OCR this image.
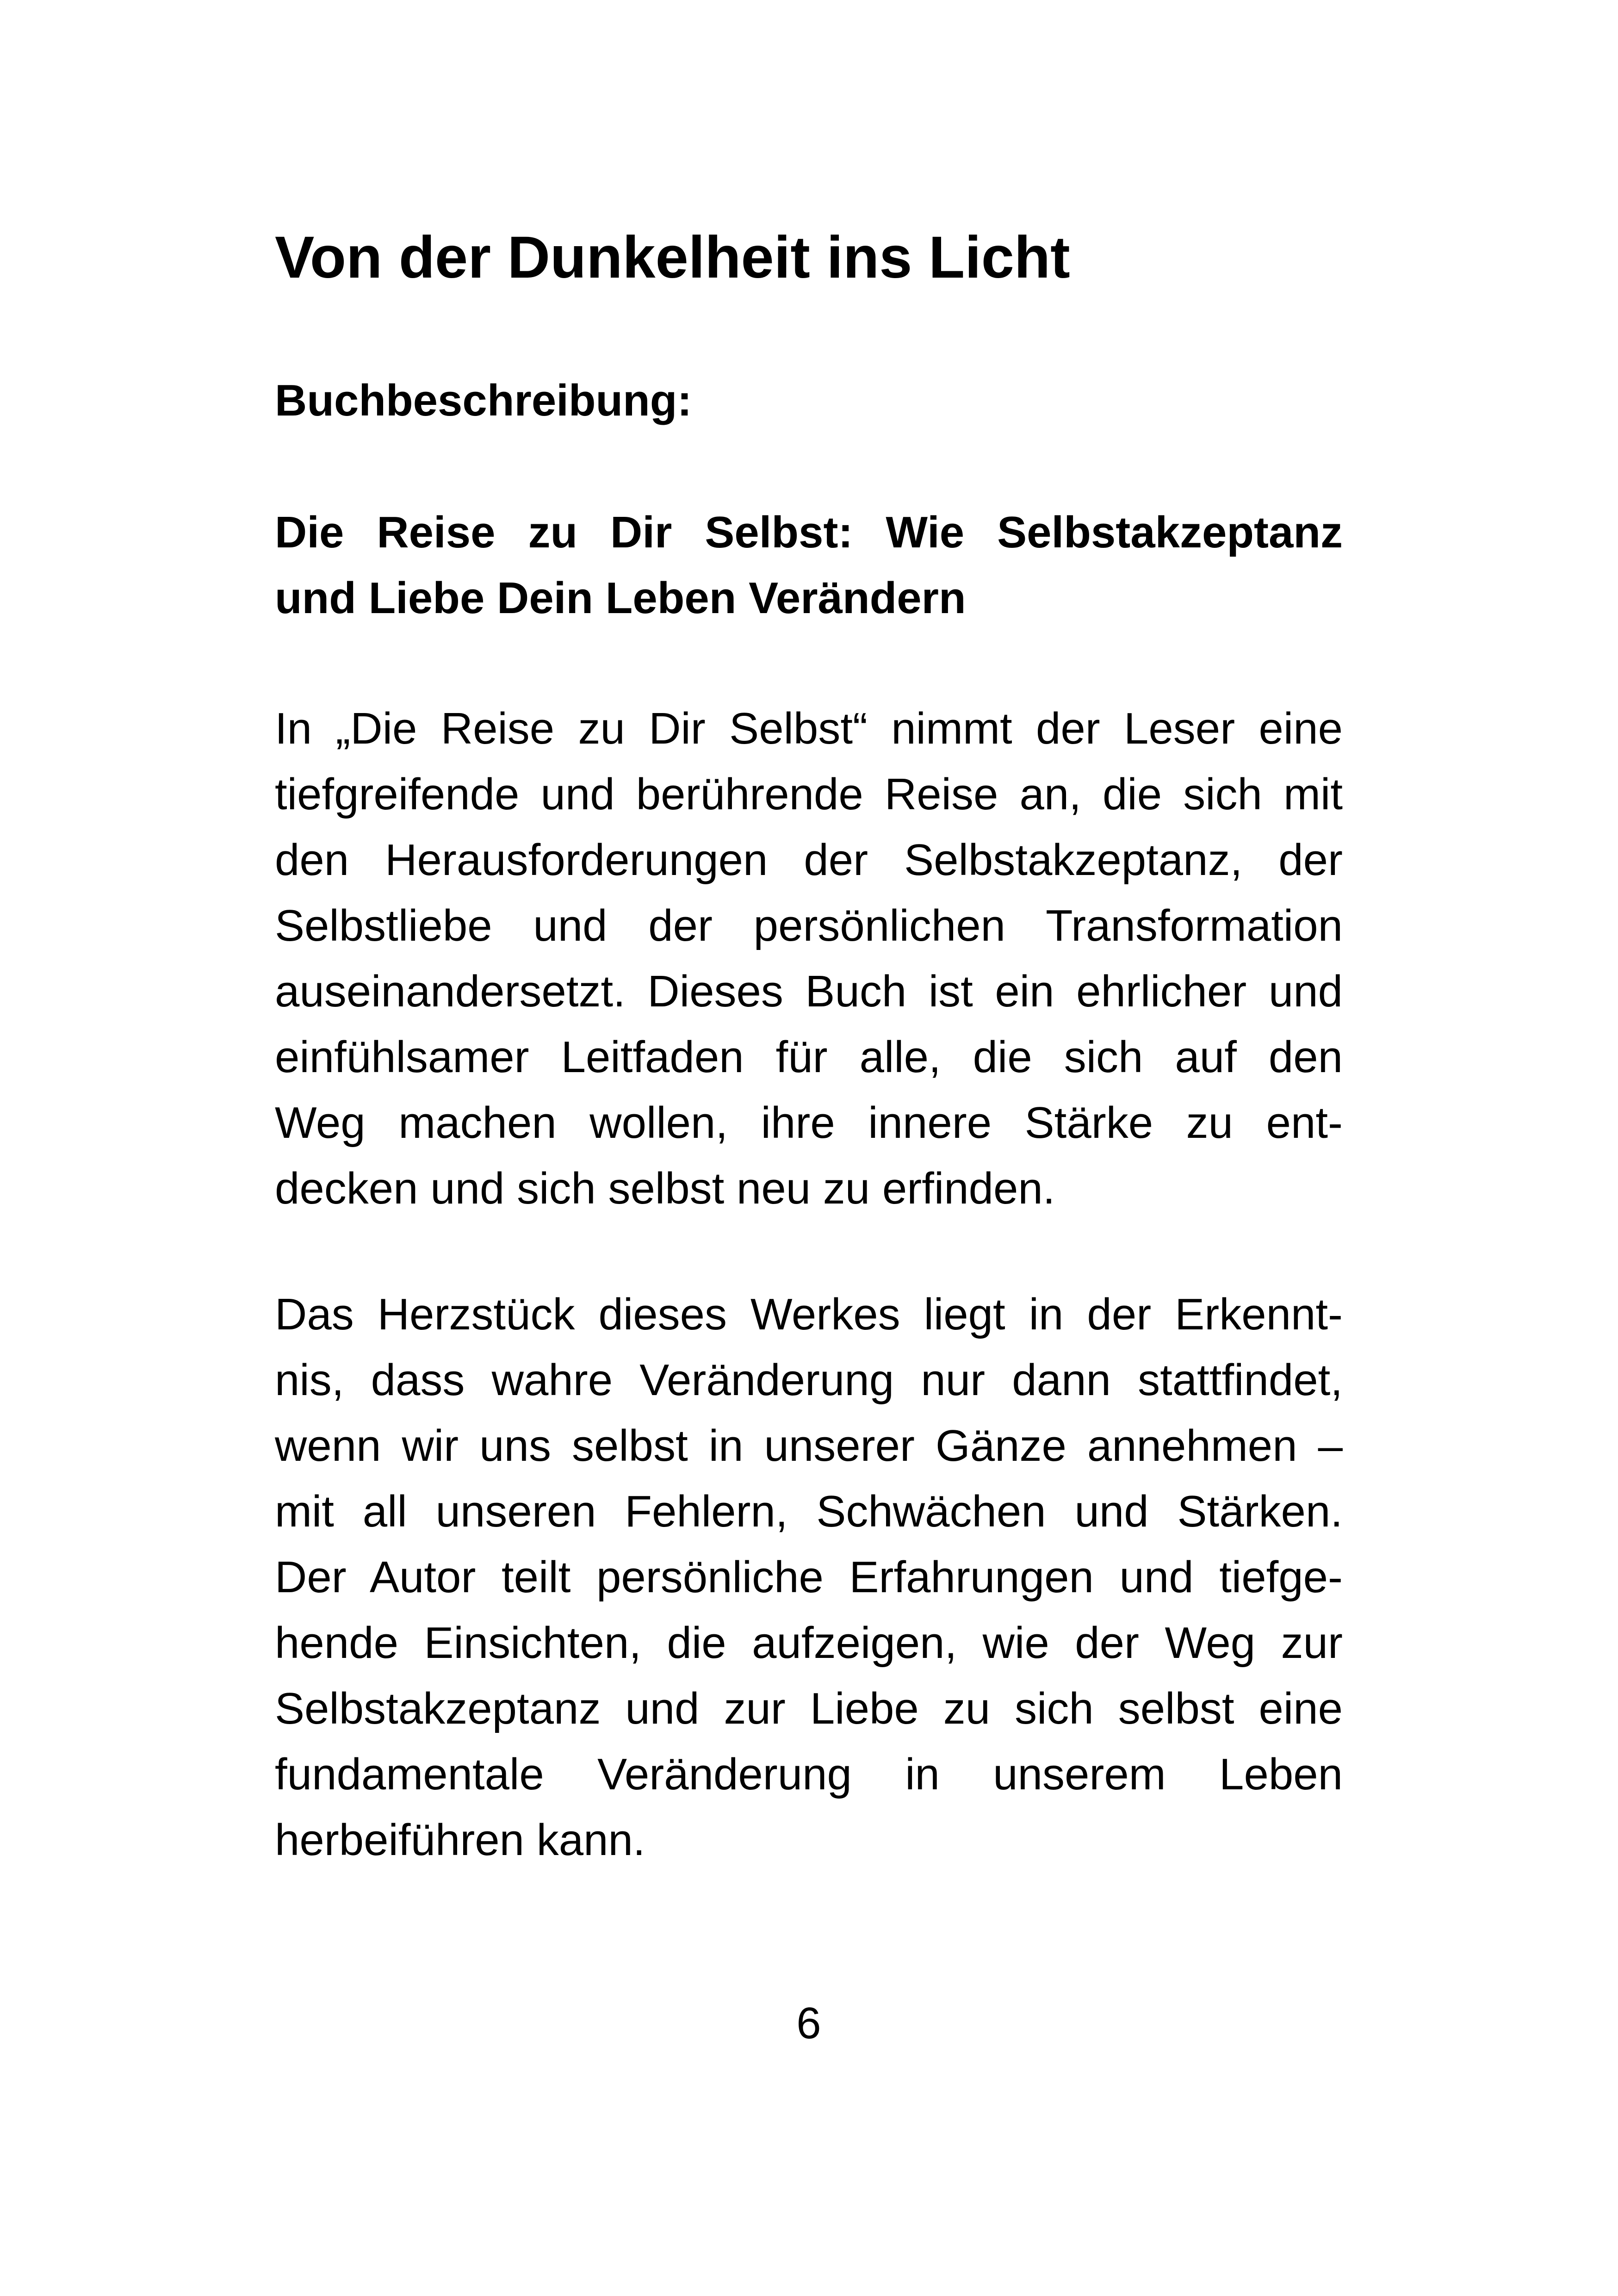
Von der Dunkelheit ins Licht
Buchbeschreibung:
Die Reise zu Dir Selbst: Wie Selbstakzeptanz
und Liebe Dein Leben Verändern

In „Die Reise zu Dir Selbst“ nimmt der Leser eine
tiefgreifende und berührende Reise an, die sich mit
den Herausforderungen der Selbstakzeptanz, der
Selbstliebe und der persönlichen Transformation
auseinandersetzt. Dieses Buch ist ein ehrlicher und
einfühlsamer Leitfaden für alle, die sich auf den
Weg machen wollen, ihre innere Stärke zu ent-
decken und sich selbst neu zu erfinden.

Das Herzstück dieses Werkes liegt in der Erkennt-
nis, dass wahre Veränderung nur dann stattfindet,
wenn wir uns selbst in unserer Gänze annehmen –
mit all unseren Fehlern, Schwächen und Stärken.
Der Autor teilt persönliche Erfahrungen und tiefge-
hende Einsichten, die aufzeigen, wie der Weg zur
Selbstakzeptanz und zur Liebe zu sich selbst eine
fundamentale Veränderung in unserem Leben
herbeiführen kann.

6
